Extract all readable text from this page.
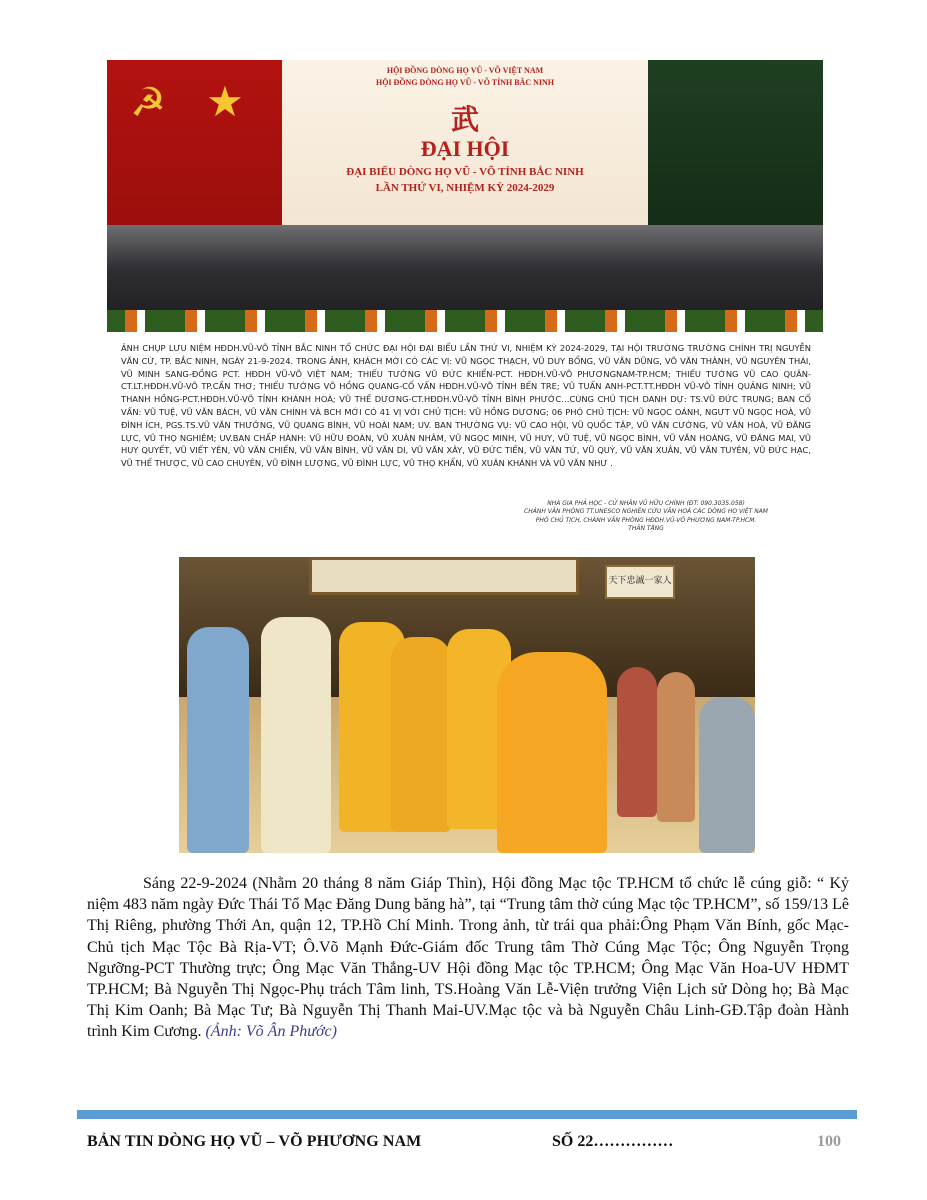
☭ ★
HỘI ĐỒNG DÒNG HỌ VŨ - VÕ VIỆT NAM
HỘI ĐỒNG DÒNG HỌ VŨ - VÕ TỈNH BẮC NINH
武
ĐẠI HỘI
ĐẠI BIỂU DÒNG HỌ VŨ - VÕ TỈNH BẮC NINH
LẦN THỨ VI, NHIỆM KỲ 2024-2029

ẢNH CHỤP LƯU NIỆM HĐDH.VŨ-VÕ TỈNH BẮC NINH TỔ CHỨC ĐẠI HỘI ĐẠI BIỂU LẦN THỨ VI, NHIỆM KỲ 2024-2029, TẠI HỘI TRƯỜNG TRƯỜNG CHÍNH TRỊ NGUYỄN VĂN CỪ, TP. BẮC NINH, NGÀY 21-9-2024. TRONG ẢNH, KHÁCH MỜI CÓ CÁC VỊ: VŨ NGỌC THẠCH, VŨ DUY BỔNG, VŨ VĂN DŨNG, VÕ VĂN THÀNH, VŨ NGUYÊN THÁI, VŨ MINH SANG-ĐỒNG PCT. HĐDH VŨ-VÕ VIỆT NAM; THIẾU TƯỚNG VŨ ĐỨC KHIỂN-PCT. HĐDH.VŨ-VÕ PHƯƠNGNAM-TP.HCM; THIẾU TƯỚNG VŨ CAO QUÂN-CT.LT.HĐDH.VŨ-VÕ TP.CẦN THƠ; THIẾU TƯỚNG VÕ HỒNG QUANG-CỐ VẤN HĐDH.VŨ-VÕ TỈNH BẾN TRE; VŨ TUẤN ANH-PCT.TT.HĐDH VŨ-VÕ TỈNH QUẢNG NINH; VŨ THANH HỒNG-PCT.HĐDH.VŨ-VÕ TỈNH KHÁNH HOÀ; VŨ THẾ DƯƠNG-CT.HĐDH.VŨ-VÕ TỈNH BÌNH PHƯỚC…CÙNG CHỦ TỊCH DANH DỰ: TS.VŨ ĐỨC TRUNG; BAN CỐ VẤN: VŨ TUỆ, VŨ VĂN BÁCH, VŨ VĂN CHÍNH VÀ BCH MỚI CÓ 41 VỊ VỚI CHỦ TỊCH: VŨ HỒNG DƯƠNG; 06 PHÓ CHỦ TỊCH: VŨ NGỌC OÁNH, NGƯT VŨ NGỌC HOÀ, VŨ ĐÌNH ÍCH, PGS.TS.VŨ VĂN THƯỞNG, VŨ QUANG BÌNH, VŨ HOÀI NAM; UV. BAN THƯỜNG VỤ: VŨ CAO HỘI, VŨ QUỐC TẬP, VŨ VĂN CƯỜNG, VŨ VĂN HOÀ, VŨ ĐĂNG LỰC, VŨ THỌ NGHIÊM; UV.BAN CHẤP HÀNH: VŨ HỮU ĐOÀN, VŨ XUÂN NHÂM, VŨ NGỌC MINH, VŨ HUY, VŨ TUỆ, VŨ NGỌC BÌNH, VŨ VĂN HOÀNG, VŨ ĐĂNG MAI, VŨ HUY QUYẾT, VŨ VIẾT YÊN, VŨ VĂN CHIẾN, VŨ VĂN BÌNH, VŨ VĂN DI, VŨ VĂN XÂY, VŨ ĐỨC TIẾN, VŨ VĂN TỨ, VŨ QUÝ, VŨ VĂN XUÂN, VŨ VĂN TUYÊN, VŨ ĐỨC HẠC, VŨ THẾ THƯỢC, VŨ CAO CHUYÊN, VŨ ĐÌNH LƯỢNG, VŨ ĐÌNH LỰC, VŨ THỌ KHẨN, VŨ XUÂN KHÁNH VÀ VŨ VĂN NHƯ .

NHÀ GIA PHẢ HỌC - CỬ NHÂN VŨ HỮU CHÍNH (ĐT: 090.3035.058)
CHÁNH VĂN PHÒNG TT.UNESCO NGHIÊN CỨU VĂN HOÁ CÁC DÒNG HỌ VIỆT NAM
PHÓ CHỦ TỊCH, CHÁNH VĂN PHÒNG HĐDH.VŨ-VÕ PHƯƠNG NAM-TP.HCM.
THÂN TẶNG
天下忠誠一家人

Sáng 22-9-2024 (Nhằm 20 tháng 8 năm Giáp Thìn), Hội đồng Mạc tộc TP.HCM tổ chức lễ cúng giỗ: “ Kỷ niệm 483 năm ngày Đức Thái Tổ Mạc Đăng Dung băng hà”, tại “Trung tâm thờ cúng Mạc tộc TP.HCM”, số 159/13 Lê Thị Riêng, phường Thới An, quận 12, TP.Hồ Chí Minh. Trong ảnh, từ trái qua phải:Ông Phạm Văn Bính, gốc Mạc-Chủ tịch Mạc Tộc Bà Rịa-VT; Ô.Võ Mạnh Đức-Giám đốc Trung tâm Thờ Cúng Mạc Tộc; Ông Nguyễn Trọng Ngưỡng-PCT Thường trực; Ông Mạc Văn Thắng-UV Hội đồng Mạc tộc TP.HCM; Ông Mạc Văn Hoa-UV HĐMT TP.HCM; Bà Nguyễn Thị Ngọc-Phụ trách Tâm linh, TS.Hoàng Văn Lễ-Viện trưởng Viện Lịch sử Dòng họ; Bà Mạc Thị Kim Oanh; Bà Mạc Tư; Bà Nguyễn Thị Thanh Mai-UV.Mạc tộc và bà Nguyễn Châu Linh-GĐ.Tập đoàn Hành trình Kim Cương. (Ảnh: Võ Ân Phước)

BẢN TIN DÒNG HỌ VŨ – VÕ PHƯƠNG NAM	SỐ 22……………	100
